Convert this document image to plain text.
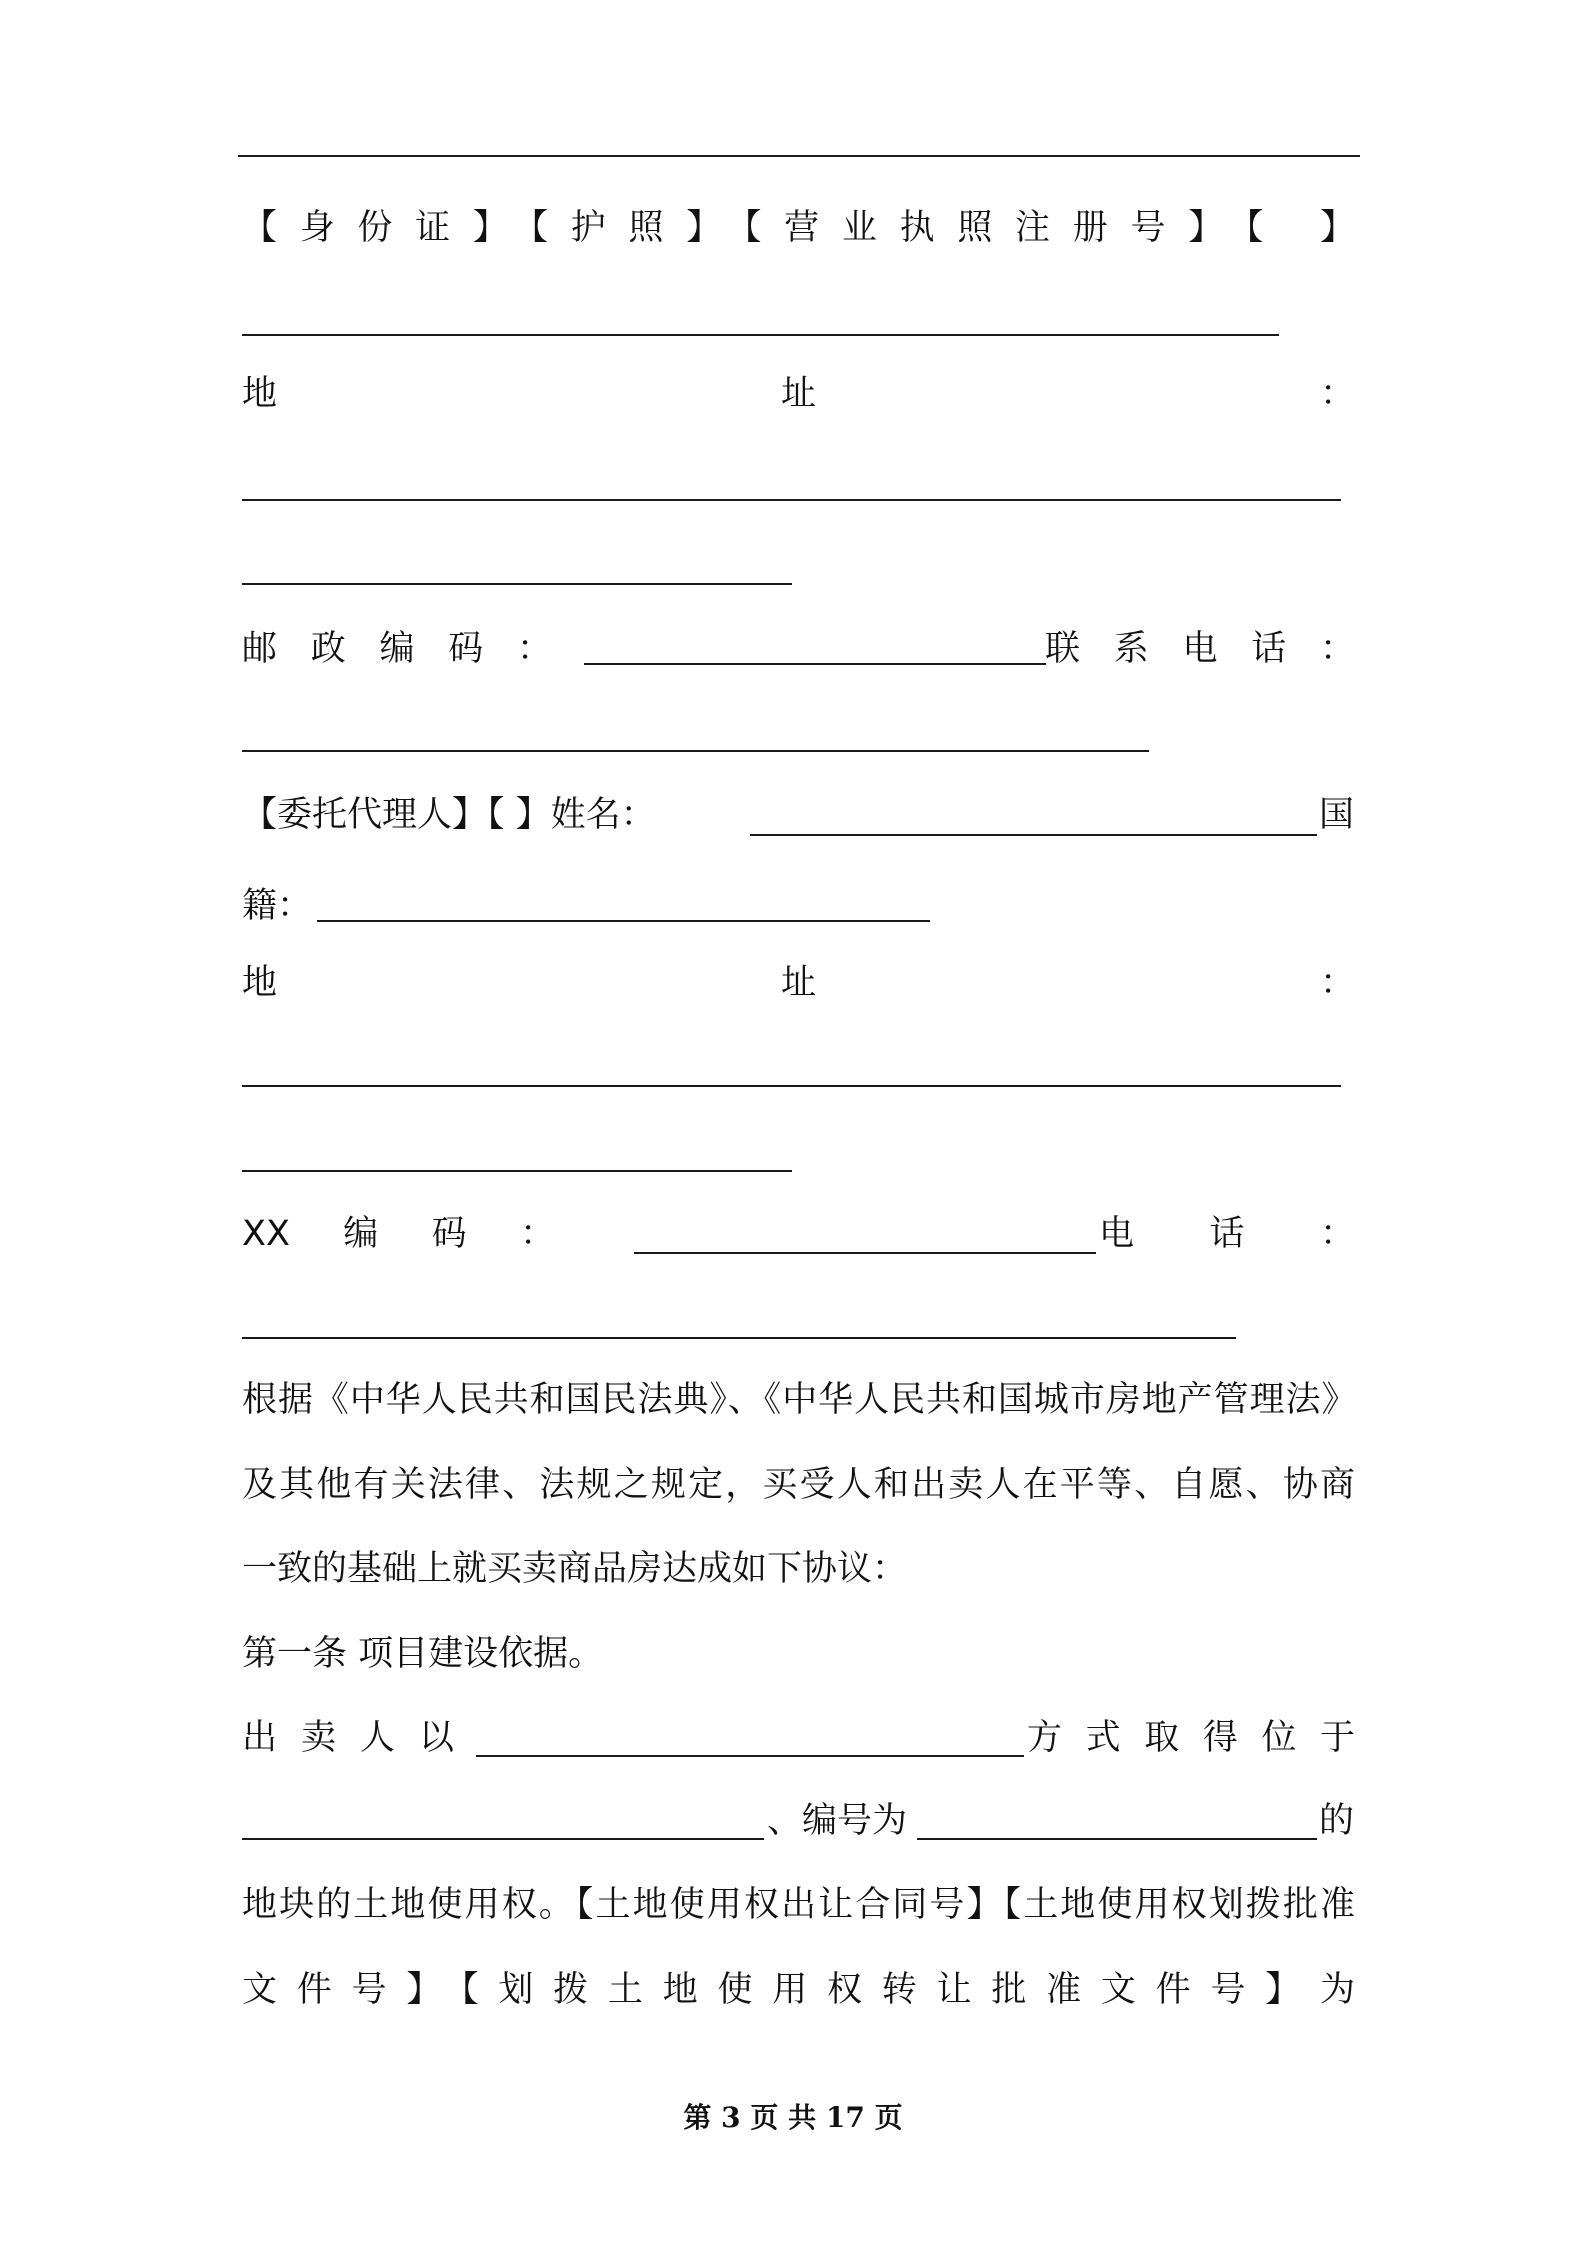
【身份证】【护照】【营业执照注册号】【 】
地址：
邮政编码：	联系电话：
【委托代理人】【 】姓名：	国
籍：
地址：
XX编码：	电话：
根据《中华人民共和国民法典》、《中华人民共和国城市房地产管理法》
及其他有关法律、法规之规定，买受人和出卖人在平等、自愿、协商
一致的基础上就买卖商品房达成如下协议：
第一条 项目建设依据。
出卖人以	方式取得位于
、编号为	的
地块的土地使用权。【土地使用权出让合同号】【土地使用权划拨批准
文件号】【划拨土地使用权转让批准文件号】为
第 3 页 共 17 页
